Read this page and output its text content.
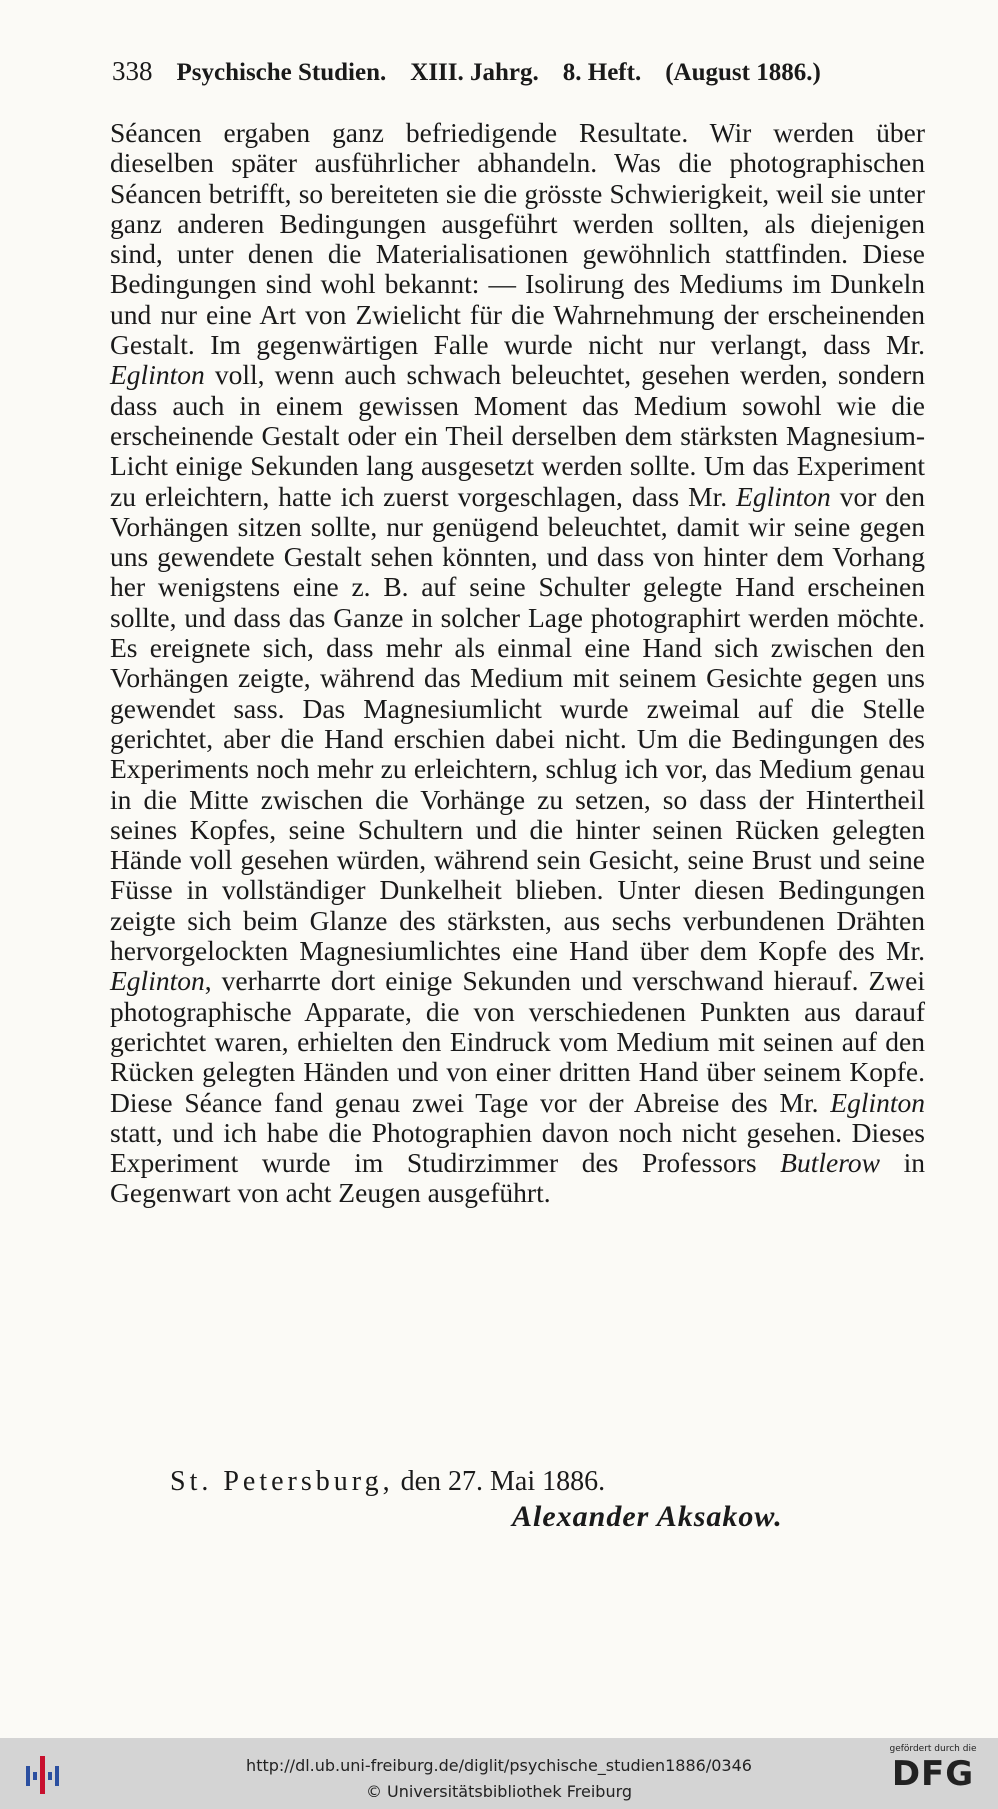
338 Psychische Studien. XIII. Jahrg. 8. Heft. (August 1886.)

Séancen ergaben ganz befriedigende Resultate. Wir werden über dieselben später ausführlicher abhandeln. Was die photographischen Séancen betrifft, so bereiteten sie die grösste Schwierigkeit, weil sie unter ganz anderen Bedingungen ausgeführt werden sollten, als diejenigen sind, unter denen die Materialisationen gewöhnlich stattfinden. Diese Bedingungen sind wohl bekannt: — Isolirung des Mediums im Dunkeln und nur eine Art von Zwielicht für die Wahrnehmung der erscheinenden Gestalt. Im gegenwärtigen Falle wurde nicht nur verlangt, dass Mr. Eglinton voll, wenn auch schwach beleuchtet, gesehen werden, sondern dass auch in einem gewissen Moment das Medium sowohl wie die erscheinende Gestalt oder ein Theil derselben dem stärksten Magnesium-Licht einige Sekunden lang ausgesetzt werden sollte. Um das Experiment zu erleichtern, hatte ich zuerst vorgeschlagen, dass Mr. Eglinton vor den Vorhängen sitzen sollte, nur genügend beleuchtet, damit wir seine gegen uns gewendete Gestalt sehen könnten, und dass von hinter dem Vorhang her wenigstens eine z. B. auf seine Schulter gelegte Hand erscheinen sollte, und dass das Ganze in solcher Lage photographirt werden möchte. Es ereignete sich, dass mehr als einmal eine Hand sich zwischen den Vorhängen zeigte, während das Medium mit seinem Gesichte gegen uns gewendet sass. Das Magnesiumlicht wurde zweimal auf die Stelle gerichtet, aber die Hand erschien dabei nicht. Um die Bedingungen des Experiments noch mehr zu erleichtern, schlug ich vor, das Medium genau in die Mitte zwischen die Vorhänge zu setzen, so dass der Hintertheil seines Kopfes, seine Schultern und die hinter seinen Rücken gelegten Hände voll gesehen würden, während sein Gesicht, seine Brust und seine Füsse in vollständiger Dunkelheit blieben. Unter diesen Bedingungen zeigte sich beim Glanze des stärksten, aus sechs verbundenen Drähten hervorgelockten Magnesiumlichtes eine Hand über dem Kopfe des Mr. Eglinton, verharrte dort einige Sekunden und verschwand hierauf. Zwei photographische Apparate, die von verschiedenen Punkten aus darauf gerichtet waren, erhielten den Eindruck vom Medium mit seinen auf den Rücken gelegten Händen und von einer dritten Hand über seinem Kopfe. Diese Séance fand genau zwei Tage vor der Abreise des Mr. Eglinton statt, und ich habe die Photographien davon noch nicht gesehen. Dieses Experiment wurde im Studirzimmer des Professors Butlerow in Gegenwart von acht Zeugen ausgeführt.

St. Petersburg, den 27. Mai 1886.
Alexander Aksakow.
http://dl.ub.uni-freiburg.de/diglit/psychische_studien1886/0346
© Universitätsbibliothek Freiburg
gefördert durch die
DFG
